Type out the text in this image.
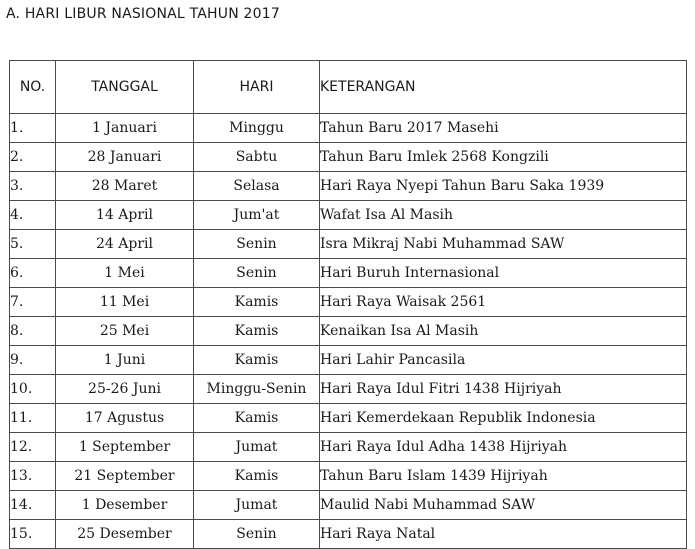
A. HARI LIBUR NASIONAL TAHUN 2017
NO.	TANGGAL	HARI	KETERANGAN
1.	1 Januari	Minggu	Tahun Baru 2017 Masehi
2.	28 Januari	Sabtu	Tahun Baru Imlek 2568 Kongzili
3.	28 Maret	Selasa	Hari Raya Nyepi Tahun Baru Saka 1939
4.	14 April	Jum'at	Wafat Isa Al Masih
5.	24 April	Senin	Isra Mikraj Nabi Muhammad SAW
6.	1 Mei	Senin	Hari Buruh Internasional
7.	11 Mei	Kamis	Hari Raya Waisak 2561
8.	25 Mei	Kamis	Kenaikan Isa Al Masih
9.	1 Juni	Kamis	Hari Lahir Pancasila
10.	25-26 Juni	Minggu-Senin	Hari Raya Idul Fitri 1438 Hijriyah
11.	17 Agustus	Kamis	Hari Kemerdekaan Republik Indonesia
12.	1 September	Jumat	Hari Raya Idul Adha 1438 Hijriyah
13.	21 September	Kamis	Tahun Baru Islam 1439 Hijriyah
14.	1 Desember	Jumat	Maulid Nabi Muhammad SAW
15.	25 Desember	Senin	Hari Raya Natal
